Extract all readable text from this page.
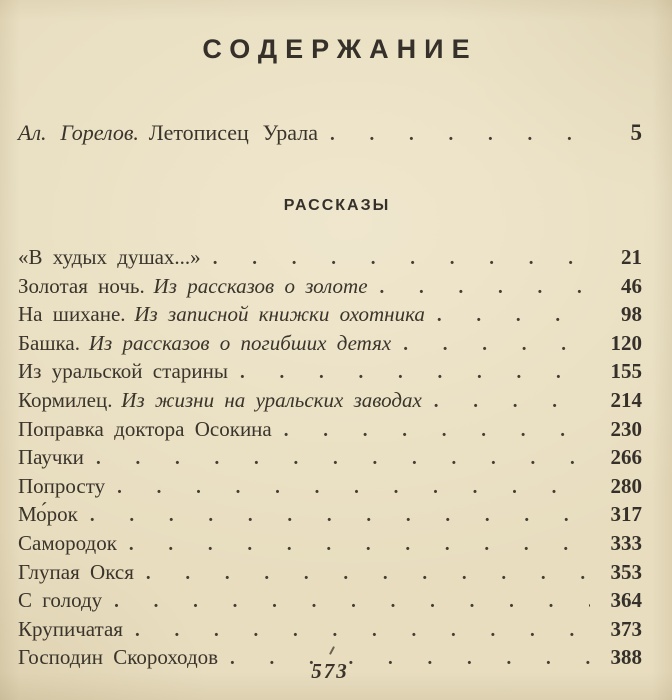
СОДЕРЖАНИЕ
Ал. Горелов. Летописец Урала . . .	5
РАССКАЗЫ
«В худых душах...» . . .	21
Золотая ночь. Из рассказов о золоте . . .	46
На шихане. Из записной книжки охотника . . .	98
Башка. Из рассказов о погибших детях . . .	120
Из уральской старины . . .	155
Кормилец. Из жизни на уральских заводах . . .	214
Поправка доктора Осокина . . .	230
Паучки . . .	266
Попросту . . .	280
Мо́рок . . .	317
Самородок . . .	333
Глупая Окся . . .	353
С голоду . . .	364
Крупичатая . . .	373
Господин Скороходов . . .	388
573
